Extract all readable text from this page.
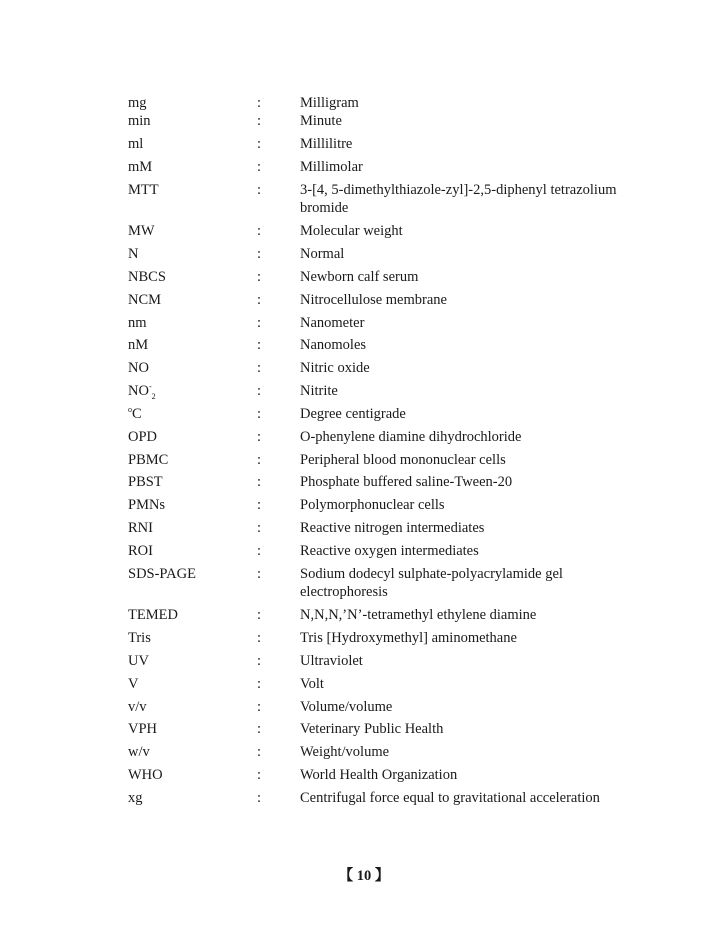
mg	:	Milligram
min	:	Minute
ml	:	Millilitre
mM	:	Millimolar
MTT	:	3-[4, 5-dimethylthiazole-zyl]-2,5-diphenyl tetrazolium bromide
MW	:	Molecular weight
N	:	Normal
NBCS	:	Newborn calf serum
NCM	:	Nitrocellulose membrane
nm	:	Nanometer
nM	:	Nanomoles
NO	:	Nitric oxide
$NO^-_2$	:	Nitrite
$^o$C	:	Degree centigrade
OPD	:	O-phenylene diamine dihydrochloride
PBMC	:	Peripheral blood mononuclear cells
PBST	:	Phosphate buffered saline-Tween-20
PMNs	:	Polymorphonuclear cells
RNI	:	Reactive nitrogen intermediates
ROI	:	Reactive oxygen intermediates
SDS-PAGE	:	Sodium dodecyl sulphate-polyacrylamide gel electrophoresis
TEMED	:	N,N,N,’N’-tetramethyl ethylene diamine
Tris	:	Tris [Hydroxymethyl] aminomethane
UV	:	Ultraviolet
V	:	Volt
v/v	:	Volume/volume
VPH	:	Veterinary Public Health
w/v	:	Weight/volume
WHO	:	World Health Organization
xg	:	Centrifugal force equal to gravitational acceleration
【 10 】
